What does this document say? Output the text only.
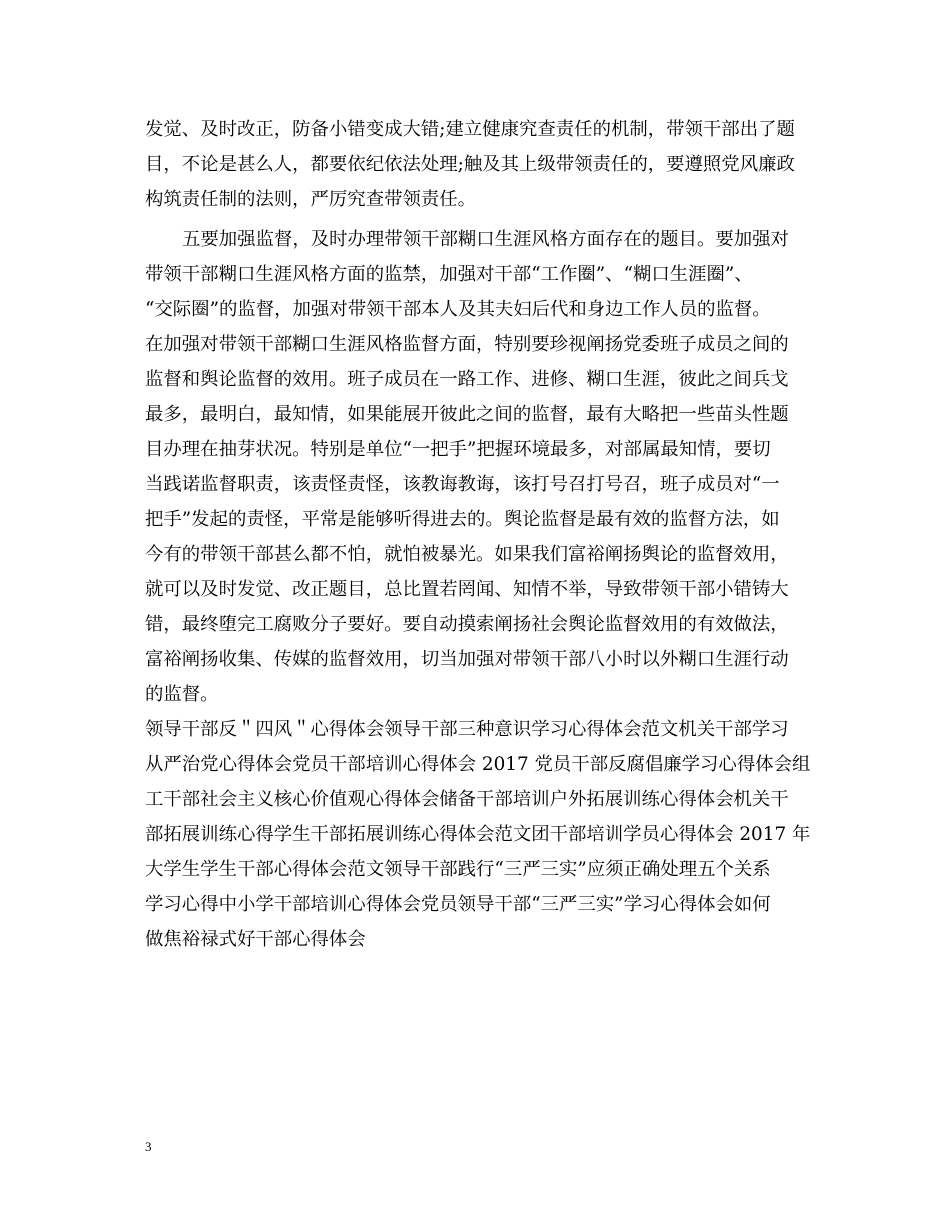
发觉、及时改正，防备小错变成大错;建立健康究查责任的机制，带领干部出了题
目，不论是甚么人，都要依纪依法处理;触及其上级带领责任的，要遵照党风廉政
构筑责任制的法则，严厉究查带领责任。
五要加强监督，及时办理带领干部糊口生涯风格方面存在的题目。要加强对
带领干部糊口生涯风格方面的监禁，加强对干部“工作圈”、“糊口生涯圈”、
“交际圈”的监督，加强对带领干部本人及其夫妇后代和身边工作人员的监督。
在加强对带领干部糊口生涯风格监督方面，特别要珍视阐扬党委班子成员之间的
监督和舆论监督的效用。班子成员在一路工作、进修、糊口生涯，彼此之间兵戈
最多，最明白，最知情，如果能展开彼此之间的监督，最有大略把一些苗头性题
目办理在抽芽状况。特别是单位“一把手”把握环境最多，对部属最知情，要切
当践诺监督职责，该责怪责怪，该教诲教诲，该打号召打号召，班子成员对“一
把手”发起的责怪，平常是能够听得进去的。舆论监督是最有效的监督方法，如
今有的带领干部甚么都不怕，就怕被暴光。如果我们富裕阐扬舆论的监督效用，
就可以及时发觉、改正题目，总比置若罔闻、知情不举，导致带领干部小错铸大
错，最终堕完工腐败分子要好。要自动摸索阐扬社会舆论监督效用的有效做法，
富裕阐扬收集、传媒的监督效用，切当加强对带领干部八小时以外糊口生涯行动
的监督。
领导干部反＂四风＂心得体会领导干部三种意识学习心得体会范文机关干部学习
从严治党心得体会党员干部培训心得体会 2017 党员干部反腐倡廉学习心得体会组
工干部社会主义核心价值观心得体会储备干部培训户外拓展训练心得体会机关干
部拓展训练心得学生干部拓展训练心得体会范文团干部培训学员心得体会 2017 年
大学生学生干部心得体会范文领导干部践行“三严三实”应须正确处理五个关系
学习心得中小学干部培训心得体会党员领导干部“三严三实”学习心得体会如何
做焦裕禄式好干部心得体会
3
